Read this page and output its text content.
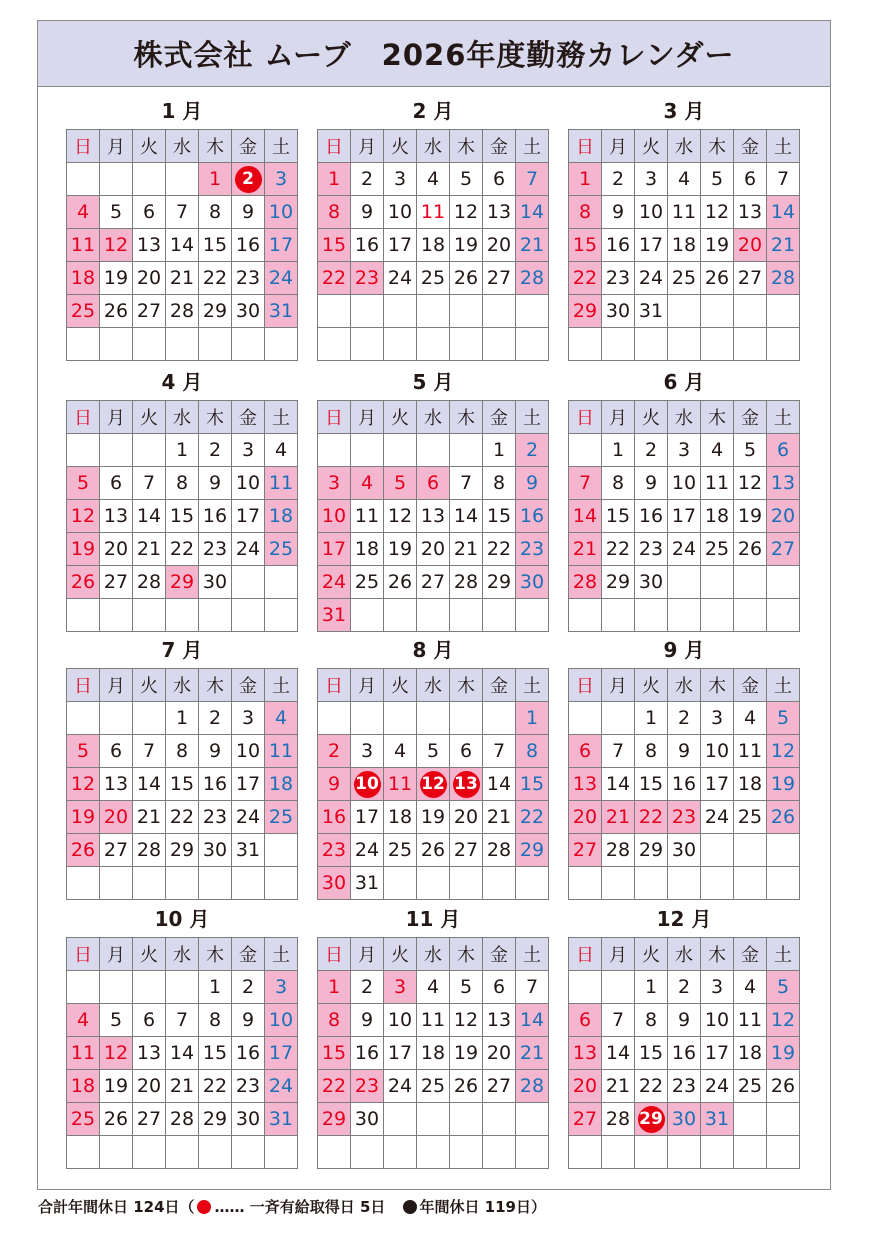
株式会社 ムーブ　2026年度勤務カレンダー
1 月
日	月	火	水	木	金	土
				1	2	3
4	5	6	7	8	9	10
11	12	13	14	15	16	17
18	19	20	21	22	23	24
25	26	27	28	29	30	31

2 月
日	月	火	水	木	金	土
1	2	3	4	5	6	7
8	9	10	11	12	13	14
15	16	17	18	19	20	21
22	23	24	25	26	27	28

3 月
日	月	火	水	木	金	土
1	2	3	4	5	6	7
8	9	10	11	12	13	14
15	16	17	18	19	20	21
22	23	24	25	26	27	28
29	30	31				

4 月
日	月	火	水	木	金	土
			1	2	3	4
5	6	7	8	9	10	11
12	13	14	15	16	17	18
19	20	21	22	23	24	25
26	27	28	29	30		

5 月
日	月	火	水	木	金	土
					1	2
3	4	5	6	7	8	9
10	11	12	13	14	15	16
17	18	19	20	21	22	23
24	25	26	27	28	29	30
31						
6 月
日	月	火	水	木	金	土
	1	2	3	4	5	6
7	8	9	10	11	12	13
14	15	16	17	18	19	20
21	22	23	24	25	26	27
28	29	30				

7 月
日	月	火	水	木	金	土
			1	2	3	4
5	6	7	8	9	10	11
12	13	14	15	16	17	18
19	20	21	22	23	24	25
26	27	28	29	30	31	

8 月
日	月	火	水	木	金	土
						1
2	3	4	5	6	7	8
9	10	11	12	13	14	15
16	17	18	19	20	21	22
23	24	25	26	27	28	29
30	31					
9 月
日	月	火	水	木	金	土
		1	2	3	4	5
6	7	8	9	10	11	12
13	14	15	16	17	18	19
20	21	22	23	24	25	26
27	28	29	30			

10 月
日	月	火	水	木	金	土
				1	2	3
4	5	6	7	8	9	10
11	12	13	14	15	16	17
18	19	20	21	22	23	24
25	26	27	28	29	30	31

11 月
日	月	火	水	木	金	土
1	2	3	4	5	6	7
8	9	10	11	12	13	14
15	16	17	18	19	20	21
22	23	24	25	26	27	28
29	30					

12 月
日	月	火	水	木	金	土
		1	2	3	4	5
6	7	8	9	10	11	12
13	14	15	16	17	18	19
20	21	22	23	24	25	26
27	28	29	30	31		

合計年間休日 124日（ …… 一斉有給取得日 5日 年間休日 119日）
